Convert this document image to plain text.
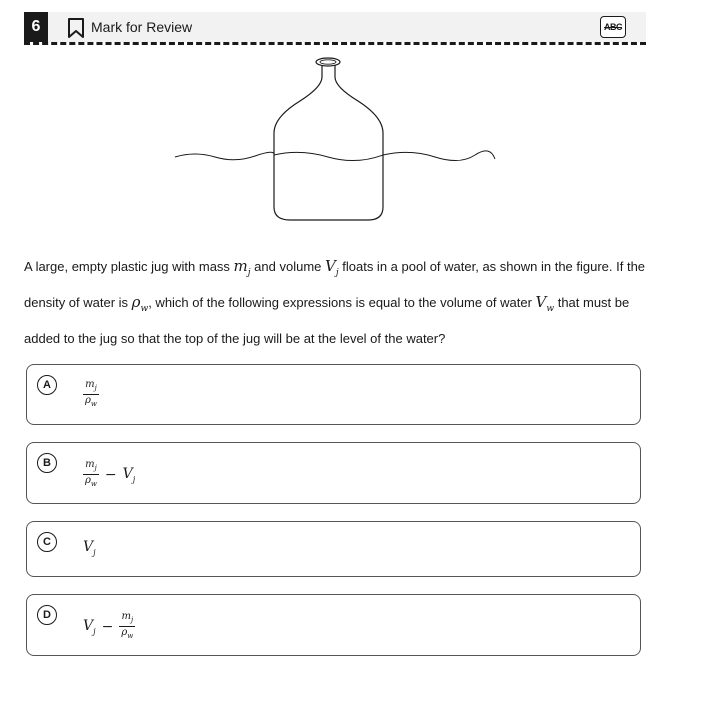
6	Mark for Review	ABC
A large, empty plastic jug with mass $m_j$ and volume $V_j$ floats in a pool of water, as shown in the figure. If the density of water is $\rho_w$, which of the following expressions is equal to the volume of water $V_w$ that must be added to the jug so that the top of the jug will be at the level of the water?
A	$\frac{m_j}{\rho_w}$
B	$\frac{m_j}{\rho_w} - V_j$
C	$V_j$
D
$V_j - \frac{m_j}{\rho_w}$
